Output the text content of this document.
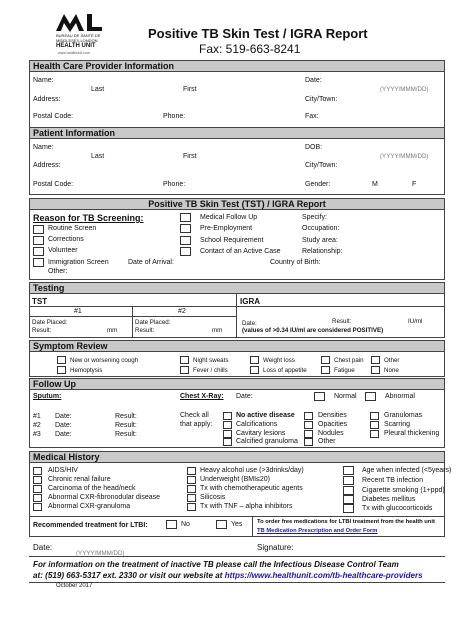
BUREAU DE SANTÉ DE
MIDDLESEX-LONDON
HEALTH UNIT
www.healthunit.com
Positive TB Skin Test / IGRA Report
Fax: 519-663-8241
Health Care Provider Information
Name:
Last	First
Date:
(YYYY/MMM/DD)
Address:	City/Town:
Postal Code:	Phone:	Fax:
Patient Information
Name:
Last	First
DOB:
(YYYY/MMM/DD)
Address:	City/Town:
Postal Code:	Phone:	Gender:	M	F
Positive TB Skin Test (TST) / IGRA Report
Reason for TB Screening:
Routine Screen
Corrections
Volunteer
Immigration Screen	Date of Arrival:	Country of Birth:
Other:
Medical Follow Up
Pre-Employment
School Requirement
Contact of an Active Case
Specify:
Occupation:
Study area:
Relationship:
Testing
TST	IGRA
#1	#2
Date Placed:
Result:	mm
Date Placed:
Result:	mm
Date:	Result:	IU/ml
(values of >0.34 IU/ml are considered POSITIVE)
Symptom Review
New or worsening cough
Hemoptysis
Night sweats
Fever / chills
Weight loss
Loss of appetite
Chest pain
Fatigue
Other
None
Follow Up
Sputum:
#1 Date:	Result:
#2 Date:	Result:
#3 Date:	Result:
Chest X-Ray: Date:	Normal	Abnormal
Check all
that apply:
No active disease
Calcifications
Cavitary lesions
Calcified granuloma
Densities
Opacities
Nodules
Other
Granulomas
Scarring
Pleural thickening
Medical History
AIDS/HIV
Chronic renal failure
Carcinoma of the head/neck
Abnormal CXR-fibronodular disease
Abnormal CXR-granuloma
Heavy alcohol use (>3drinks/day)
Underweight (BMI≤20)
Tx with chemotherapeutic agents
Silicosis
Tx with TNF – alpha inhibitors
Age when infected (<5years)
Recent TB infection
Cigarette smoking (1+ppd)
Diabetes mellitus
Tx with glucocorticoids
Recommended treatment for LTBI:	No	Yes	To order free medications for LTBI treatment from the health unit
TB Medication Prescription and Order Form
Date:
(YYYY/MMM/DD)
Signature:
For information on the treatment of inactive TB please call the Infectious Disease Control Team
at: (519) 663-5317 ext. 2330 or visit our website at https://www.healthunit.com/tb-healthcare-providers
October 2017
